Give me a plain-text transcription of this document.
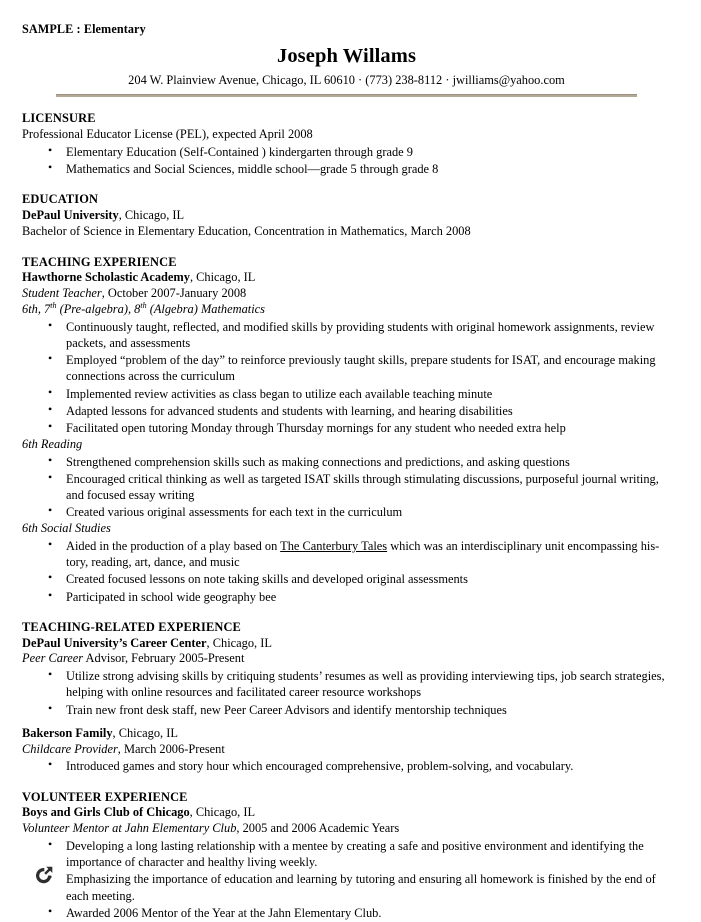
SAMPLE : Elementary
Joseph Willams
204 W. Plainview Avenue, Chicago, IL 60610 · (773) 238-8112 · jwilliams@yahoo.com
LICENSURE
Professional Educator License (PEL), expected April 2008
• Elementary Education (Self-Contained ) kindergarten through grade 9
• Mathematics and Social Sciences, middle school—grade 5 through grade 8
EDUCATION
DePaul University, Chicago, IL
Bachelor of Science in Elementary Education, Concentration in Mathematics, March 2008
TEACHING EXPERIENCE
Hawthorne Scholastic Academy, Chicago, IL
Student Teacher, October 2007-January 2008
6th, 7th (Pre-algebra), 8th (Algebra) Mathematics
• Continuously taught, reflected, and modified skills by providing students with original homework assignments, review packets, and assessments
• Employed “problem of the day” to reinforce previously taught skills, prepare students for ISAT, and encourage making connections across the curriculum
• Implemented review activities as class began to utilize each available teaching minute
• Adapted lessons for advanced students and students with learning, and hearing disabilities
• Facilitated open tutoring Monday through Thursday mornings for any student who needed extra help
6th Reading
• Strengthened comprehension skills such as making connections and predictions, and asking questions
• Encouraged critical thinking as well as targeted ISAT skills through stimulating discussions, purposeful journal writing, and focused essay writing
• Created various original assessments for each text in the curriculum
6th Social Studies
• Aided in the production of a play based on The Canterbury Tales which was an interdisciplinary unit encompassing his-tory, reading, art, dance, and music
• Created focused lessons on note taking skills and developed original assessments
• Participated in school wide geography bee
TEACHING-RELATED EXPERIENCE
DePaul University’s Career Center, Chicago, IL
Peer Career Advisor, February 2005-Present
• Utilize strong advising skills by critiquing students’ resumes as well as providing interviewing tips, job search strategies, helping with online resources and facilitated career resource workshops
• Train new front desk staff, new Peer Career Advisors and identify mentorship techniques
Bakerson Family, Chicago, IL
Childcare Provider, March 2006-Present
• Introduced games and story hour which encouraged comprehensive, problem-solving, and vocabulary.
VOLUNTEER EXPERIENCE
Boys and Girls Club of Chicago, Chicago, IL
Volunteer Mentor at Jahn Elementary Club, 2005 and 2006 Academic Years
• Developing a long lasting relationship with a mentee by creating a safe and positive environment and identifying the importance of character and healthy living weekly.
• Emphasizing the importance of education and learning by tutoring and ensuring all homework is finished by the end of each meeting.
• Awarded 2006 Mentor of the Year at the Jahn Elementary Club.
